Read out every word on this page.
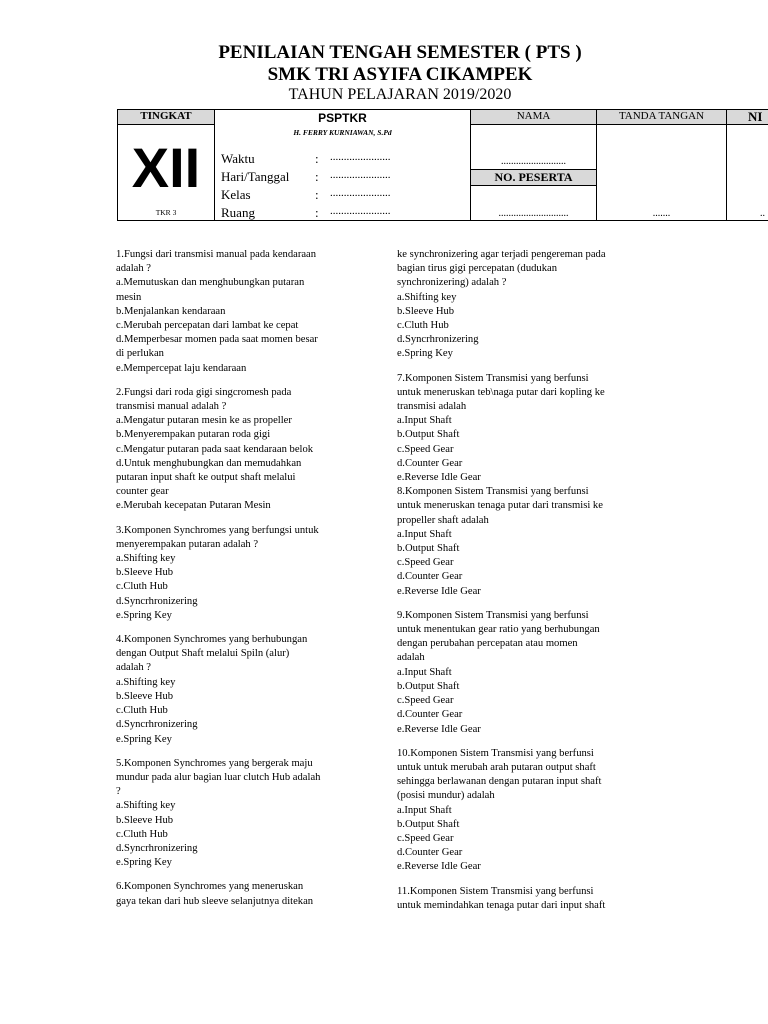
PENILAIAN TENGAH SEMESTER ( PTS )
SMK TRI ASYIFA CIKAMPEK
TAHUN PELAJARAN 2019/2020
TINGKAT
XII
TKR 3
PSPTKR
H. FERRY KURNIAWAN, S.Pd
Waktu	: ......................
Hari/Tanggal : ......................
Kelas	: ......................
Ruang	: ......................
NAMA
..........................
NO. PESERTA
............................
TANDA TANGAN
.......
NI
..
1.Fungsi dari transmisi manual pada kendaraan
adalah ?
a.Memutuskan dan menghubungkan putaran
mesin
b.Menjalankan kendaraan
c.Merubah percepatan dari lambat ke cepat
d.Memperbesar momen pada saat momen besar
di perlukan
e.Mempercepat laju kendaraan
2.Fungsi dari roda gigi singcromesh pada
transmisi manual adalah ?
a.Mengatur putaran mesin ke as propeller
b.Menyerempakan putaran roda gigi
c.Mengatur putaran pada saat kendaraan belok
d.Untuk menghubungkan dan memudahkan
putaran input shaft ke output shaft melalui
counter gear
e.Merubah kecepatan Putaran Mesin
3.Komponen Synchromes yang berfungsi untuk
menyerempakan putaran adalah ?
a.Shifting key
b.Sleeve Hub
c.Cluth Hub
d.Syncrhronizering
e.Spring Key
4.Komponen Synchromes yang berhubungan
dengan Output Shaft melalui Spiln (alur)
adalah ?
a.Shifting key
b.Sleeve Hub
c.Cluth Hub
d.Syncrhronizering
e.Spring Key
5.Komponen Synchromes yang bergerak maju
mundur pada alur bagian luar clutch Hub adalah
?
a.Shifting key
b.Sleeve Hub
c.Cluth Hub
d.Syncrhronizering
e.Spring Key
6.Komponen Synchromes yang meneruskan
gaya tekan dari hub sleeve selanjutnya ditekan
ke synchronizering agar terjadi pengereman pada
bagian tirus gigi percepatan (dudukan
synchronizering) adalah ?
a.Shifting key
b.Sleeve Hub
c.Cluth Hub
d.Syncrhronizering
e.Spring Key
7.Komponen Sistem Transmisi yang berfunsi
untuk meneruskan teb\naga putar dari kopling ke
transmisi adalah
a.Input Shaft
b.Output Shaft
c.Speed Gear
d.Counter Gear
e.Reverse Idle Gear
8.Komponen Sistem Transmisi yang berfunsi
untuk meneruskan tenaga putar dari transmisi ke
propeller shaft adalah
a.Input Shaft
b.Output Shaft
c.Speed Gear
d.Counter Gear
e.Reverse Idle Gear
9.Komponen Sistem Transmisi yang berfunsi
untuk menentukan gear ratio yang berhubungan
dengan perubahan percepatan atau momen
adalah
a.Input Shaft
b.Output Shaft
c.Speed Gear
d.Counter Gear
e.Reverse Idle Gear
10.Komponen Sistem Transmisi yang berfunsi
untuk untuk merubah arah putaran output shaft
sehingga berlawanan dengan putaran input shaft
(posisi mundur) adalah
a.Input Shaft
b.Output Shaft
c.Speed Gear
d.Counter Gear
e.Reverse Idle Gear
11.Komponen Sistem Transmisi yang berfunsi
untuk memindahkan tenaga putar dari input shaft
